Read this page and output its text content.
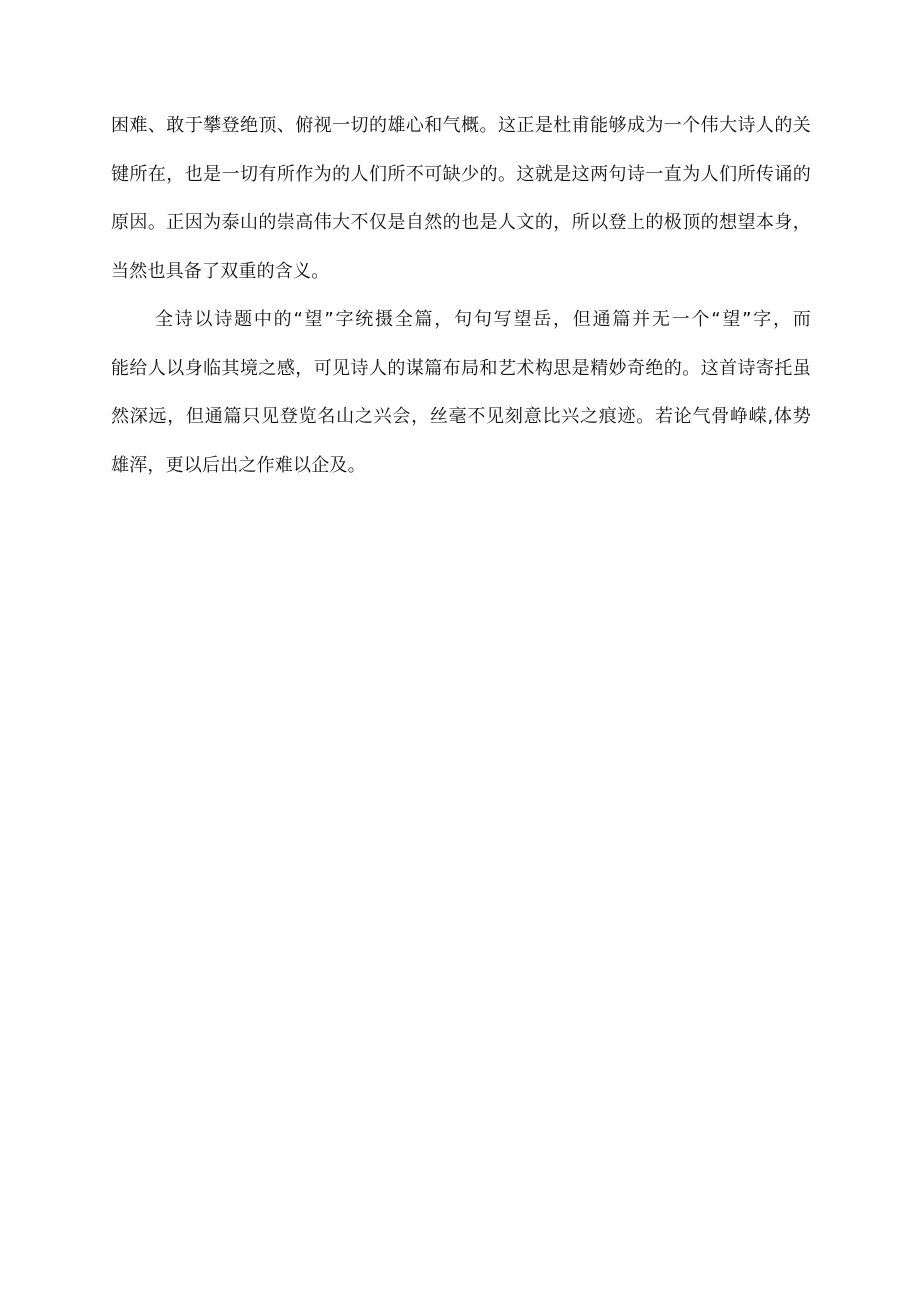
困难、敢于攀登绝顶、俯视一切的雄心和气概。这正是杜甫能够成为一个伟大诗人的关
键所在，也是一切有所作为的人们所不可缺少的。这就是这两句诗一直为人们所传诵的
原因。正因为泰山的崇高伟大不仅是自然的也是人文的，所以登上的极顶的想望本身，
当然也具备了双重的含义。
全诗以诗题中的“望”字统摄全篇，句句写望岳，但通篇并无一个“望”字，而
能给人以身临其境之感，可见诗人的谋篇布局和艺术构思是精妙奇绝的。这首诗寄托虽
然深远，但通篇只见登览名山之兴会，丝毫不见刻意比兴之痕迹。若论气骨峥嵘,体势
雄浑，更以后出之作难以企及。
